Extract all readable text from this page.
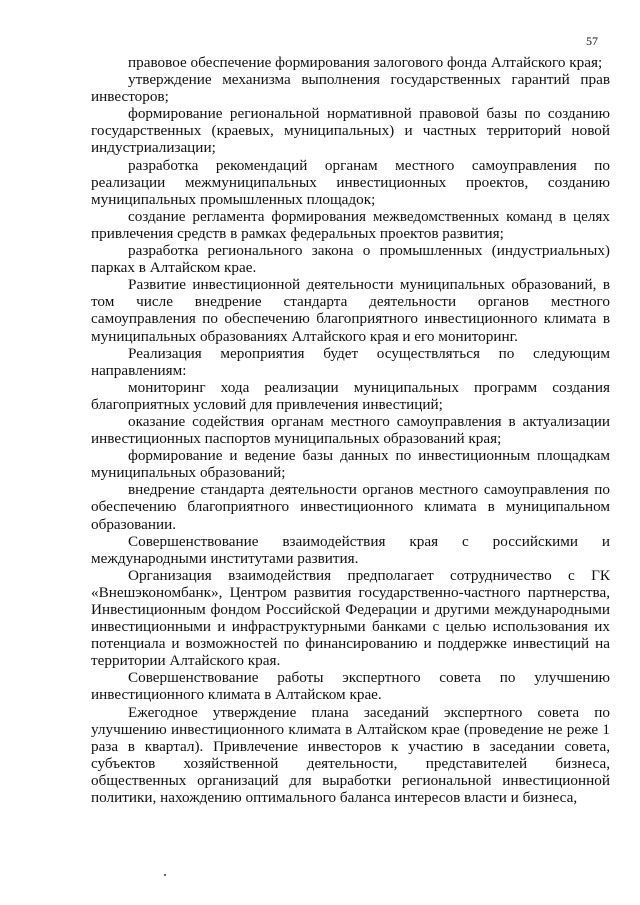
57

правовое обеспечение формирования залогового фонда Алтайского края;

утверждение механизма выполнения государственных гарантий прав инвесторов;

формирование региональной нормативной правовой базы по созданию государственных (краевых, муниципальных) и частных территорий новой индустриализации;

разработка рекомендаций органам местного самоуправления по реализации межмуниципальных инвестиционных проектов, созданию муниципальных промышленных площадок;

создание регламента формирования межведомственных команд в целях привлечения средств в рамках федеральных проектов развития;

разработка регионального закона о промышленных (индустриальных) парках в Алтайском крае.

Развитие инвестиционной деятельности муниципальных образований, в том числе внедрение стандарта деятельности органов местного самоуправления по обеспечению благоприятного инвестиционного климата в муниципальных образованиях Алтайского края и его мониторинг.

Реализация мероприятия будет осуществляться по следующим направлениям:

мониторинг хода реализации муниципальных программ создания благоприятных условий для привлечения инвестиций;

оказание содействия органам местного самоуправления в актуализации инвестиционных паспортов муниципальных образований края;

формирование и ведение базы данных по инвестиционным площадкам муниципальных образований;

внедрение стандарта деятельности органов местного самоуправления по обеспечению благоприятного инвестиционного климата в муниципальном образовании.

Совершенствование взаимодействия края с российскими и международными институтами развития.

Организация взаимодействия предполагает сотрудничество с ГК «Внешэкономбанк», Центром развития государственно-частного партнерства, Инвестиционным фондом Российской Федерации и другими международными инвестиционными и инфраструктурными банками с целью использования их потенциала и возможностей по финансированию и поддержке инвестиций на территории Алтайского края.

Совершенствование работы экспертного совета по улучшению инвестиционного климата в Алтайском крае.

Ежегодное утверждение плана заседаний экспертного совета по улучшению инвестиционного климата в Алтайском крае (проведение не реже 1 раза в квартал). Привлечение инвесторов к участию в заседании совета, субъектов хозяйственной деятельности, представителей бизнеса, общественных организаций для выработки региональной инвестиционной политики, нахождению оптимального баланса интересов власти и бизнеса,
